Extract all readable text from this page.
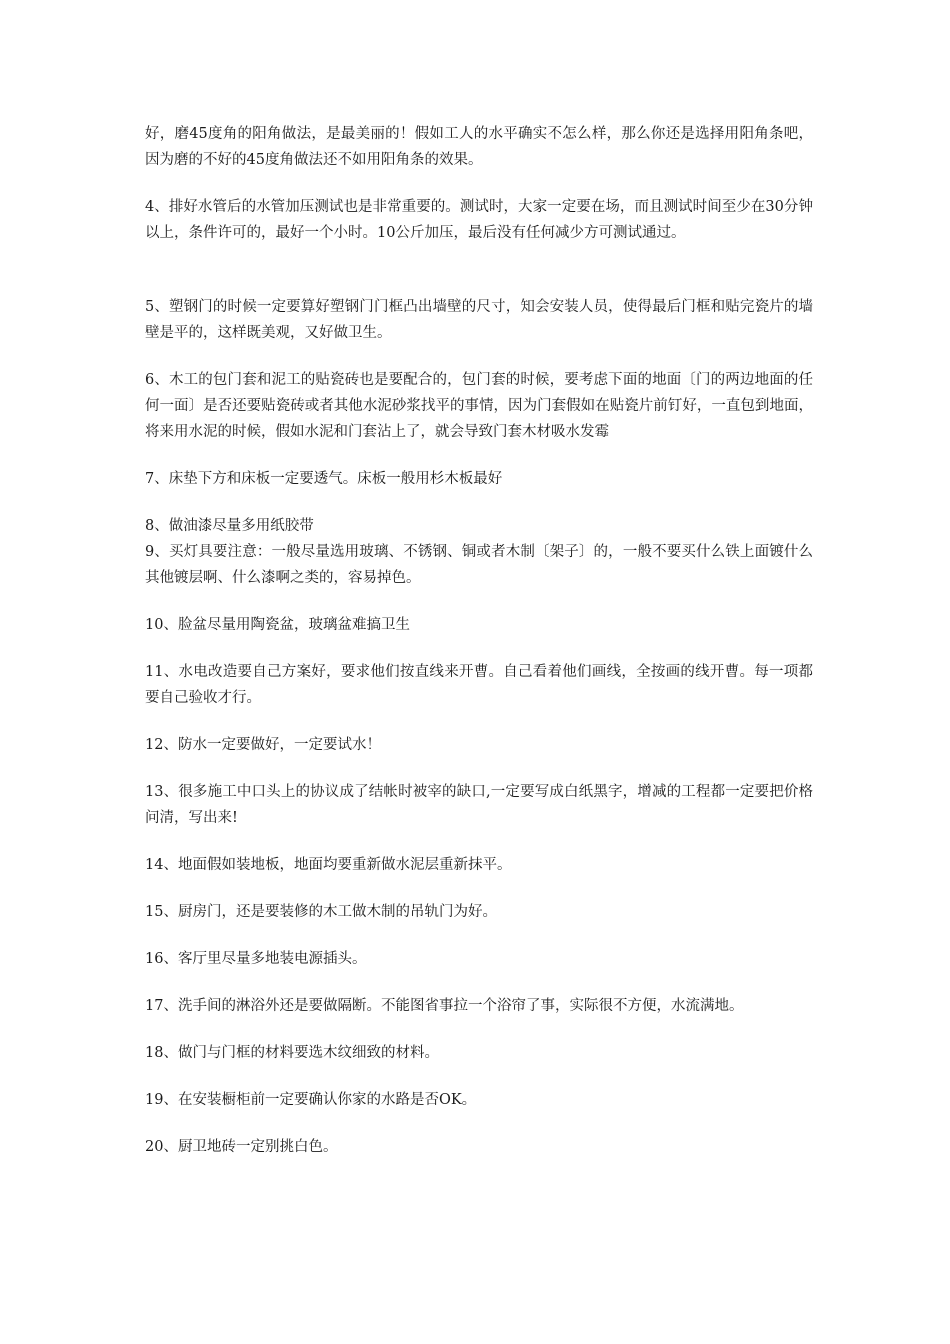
好，磨45度角的阳角做法，是最美丽的！假如工人的水平确实不怎么样，那么你还是选择用阳角条吧，因为磨的不好的45度角做法还不如用阳角条的效果。

4、排好水管后的水管加压测试也是非常重要的。测试时，大家一定要在场，而且测试时间至少在30分钟以上，条件许可的，最好一个小时。10公斤加压，最后没有任何减少方可测试通过。

5、塑钢门的时候一定要算好塑钢门门框凸出墙壁的尺寸，知会安装人员，使得最后门框和贴完瓷片的墙壁是平的，这样既美观，又好做卫生。

6、木工的包门套和泥工的贴瓷砖也是要配合的，包门套的时候，要考虑下面的地面〔门的两边地面的任何一面〕是否还要贴瓷砖或者其他水泥砂浆找平的事情，因为门套假如在贴瓷片前钉好，一直包到地面，将来用水泥的时候，假如水泥和门套沾上了，就会导致门套木材吸水发霉

7、床垫下方和床板一定要透气。床板一般用杉木板最好

8、做油漆尽量多用纸胶带

9、买灯具要注意：一般尽量选用玻璃、不锈钢、铜或者木制〔架子〕的，一般不要买什么铁上面镀什么其他镀层啊、什么漆啊之类的，容易掉色。

10、脸盆尽量用陶瓷盆，玻璃盆难搞卫生

11、水电改造要自己方案好，要求他们按直线来开曹。自己看着他们画线，全按画的线开曹。每一项都要自己验收才行。

12、防水一定要做好，一定要试水！

13、很多施工中口头上的协议成了结帐时被宰的缺口,一定要写成白纸黑字，增减的工程都一定要把价格问清，写出来!

14、地面假如装地板，地面均要重新做水泥层重新抹平。

15、厨房门，还是要装修的木工做木制的吊轨门为好。

16、客厅里尽量多地装电源插头。

17、洗手间的淋浴外还是要做隔断。不能图省事拉一个浴帘了事，实际很不方便，水流满地。

18、做门与门框的材料要选木纹细致的材料。

19、在安装橱柜前一定要确认你家的水路是否OK。

20、厨卫地砖一定别挑白色。
